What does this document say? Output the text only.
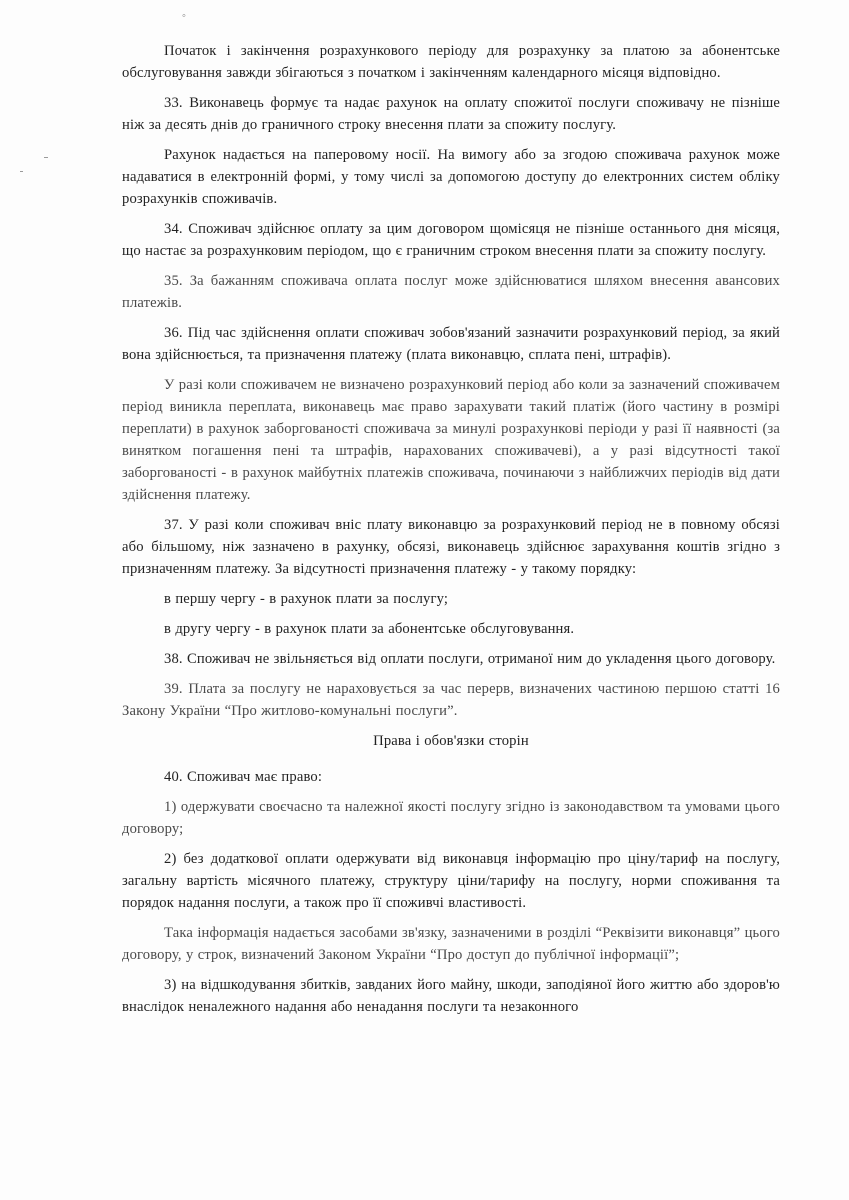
◦

Початок і закінчення розрахункового періоду для розрахунку за платою за абонентське обслуговування завжди збігаються з початком і закінченням календарного місяця відповідно.

33. Виконавець формує та надає рахунок на оплату спожитої послуги споживачу не пізніше ніж за десять днів до граничного строку внесення плати за спожиту послугу.

Рахунок надається на паперовому носії. На вимогу або за згодою споживача рахунок може надаватися в електронній формі, у тому числі за допомогою доступу до електронних систем обліку розрахунків споживачів.

34. Споживач здійснює оплату за цим договором щомісяця не пізніше останнього дня місяця, що настає за розрахунковим періодом, що є граничним строком внесення плати за спожиту послугу.

35. За бажанням споживача оплата послуг може здійснюватися шляхом внесення авансових платежів.

36. Під час здійснення оплати споживач зобов'язаний зазначити розрахунковий період, за який вона здійснюється, та призначення платежу (плата виконавцю, сплата пені, штрафів).

У разі коли споживачем не визначено розрахунковий період або коли за зазначений споживачем період виникла переплата, виконавець має право зарахувати такий платіж (його частину в розмірі переплати) в рахунок заборгованості споживача за минулі розрахункові періоди у разі її наявності (за винятком погашення пені та штрафів, нарахованих споживачеві), а у разі відсутності такої заборгованості - в рахунок майбутніх платежів споживача, починаючи з найближчих періодів від дати здійснення платежу.

37. У разі коли споживач вніс плату виконавцю за розрахунковий період не в повному обсязі або більшому, ніж зазначено в рахунку, обсязі, виконавець здійснює зарахування коштів згідно з призначенням платежу. За відсутності призначення платежу - у такому порядку:

в першу чергу - в рахунок плати за послугу;

в другу чергу - в рахунок плати за абонентське обслуговування.

38. Споживач не звільняється від оплати послуги, отриманої ним до укладення цього договору.

39. Плата за послугу не нараховується за час перерв, визначених частиною першою статті 16 Закону України “Про житлово-комунальні послуги”.

Права і обов'язки сторін

40. Споживач має право:

1) одержувати своєчасно та належної якості послугу згідно із законодавством та умовами цього договору;

2) без додаткової оплати одержувати від виконавця інформацію про ціну/тариф на послугу, загальну вартість місячного платежу, структуру ціни/тарифу на послугу, норми споживання та порядок надання послуги, а також про її споживчі властивості.

Така інформація надається засобами зв'язку, зазначеними в розділі “Реквізити виконавця” цього договору, у строк, визначений Законом України “Про доступ до публічної інформації”;

3) на відшкодування збитків, завданих його майну, шкоди, заподіяної його життю або здоров'ю внаслідок неналежного надання або ненадання послуги та незаконного
